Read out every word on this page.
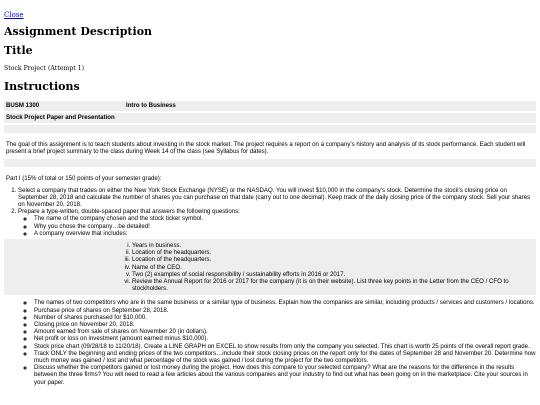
Close
Assignment Description
Title

Stock Project (Attempt 1)

Instructions
BUSM 1300	Intro to Business
Stock Project Paper and Presentation
The goal of this assignment is to teach students about investing in the stock market. The project requires a report on a company’s history and analysis of its stock performance. Each student will present a brief project summary to the class during Week 14 of the class (see Syllabus for dates).
Part I (15% of total or 150 points of your semester grade):
1. Select a company that trades on either the New York Stock Exchange (NYSE) or the NASDAQ. You will invest $10,000 in the company’s stock. Determine the stock’s closing price on September 28, 2018 and calculate the number of shares you can purchase on that date (carry out to one decimal). Keep track of the daily closing price of the company stock. Sell your shares on November 20, 2018.
2. Prepare a type-written, double-spaced paper that answers the following questions:
◦ The name of the company chosen and the stock ticker symbol.
◦ Why you chose the company…be detailed!
◦ A company overview that includes:
i. Years in business.
ii. Location of the headquarters.
iii. Location of the headquarters.
iv. Name of the CEO.
v. Two (2) examples of social responsibility / sustainability efforts in 2016 or 2017.
vi. Review the Annual Report for 2016 or 2017 for the company (it is on their website). List three key points in the Letter from the CEO / CFO to stockholders.
◦ The names of two competitors who are in the same business or a similar type of business. Explain how the companies are similar, including products / services and customers / locations.
◦ Purchase price of shares on September 28, 2018.
◦ Number of shares purchased for $10,000.
◦ Closing price on November 20, 2018.
◦ Amount earned from sale of shares on November 20 (in dollars).
◦ Net profit or loss on investment (amount earned minus $10,000).
◦ Stock price chart (09/28/18 to 11/20/18). Create a LINE GRAPH on EXCEL to show results from only the company you selected. This chart is worth 25 points of the overall report grade.
◦ Track ONLY the beginning and ending prices of the two competitors…include their stock closing prices on the report only for the dates of September 28 and November 20. Determine how much money was gained / lost and what percentage of the stock was gained / lost during the project for the two competitors.
◦ Discuss whether the competitors gained or lost money during the project. How does this compare to your selected company? What are the reasons for the difference in the results between the three firms? You will need to read a few articles about the various companies and your industry to find out what has been going on in the marketplace. Cite your sources in your paper.
